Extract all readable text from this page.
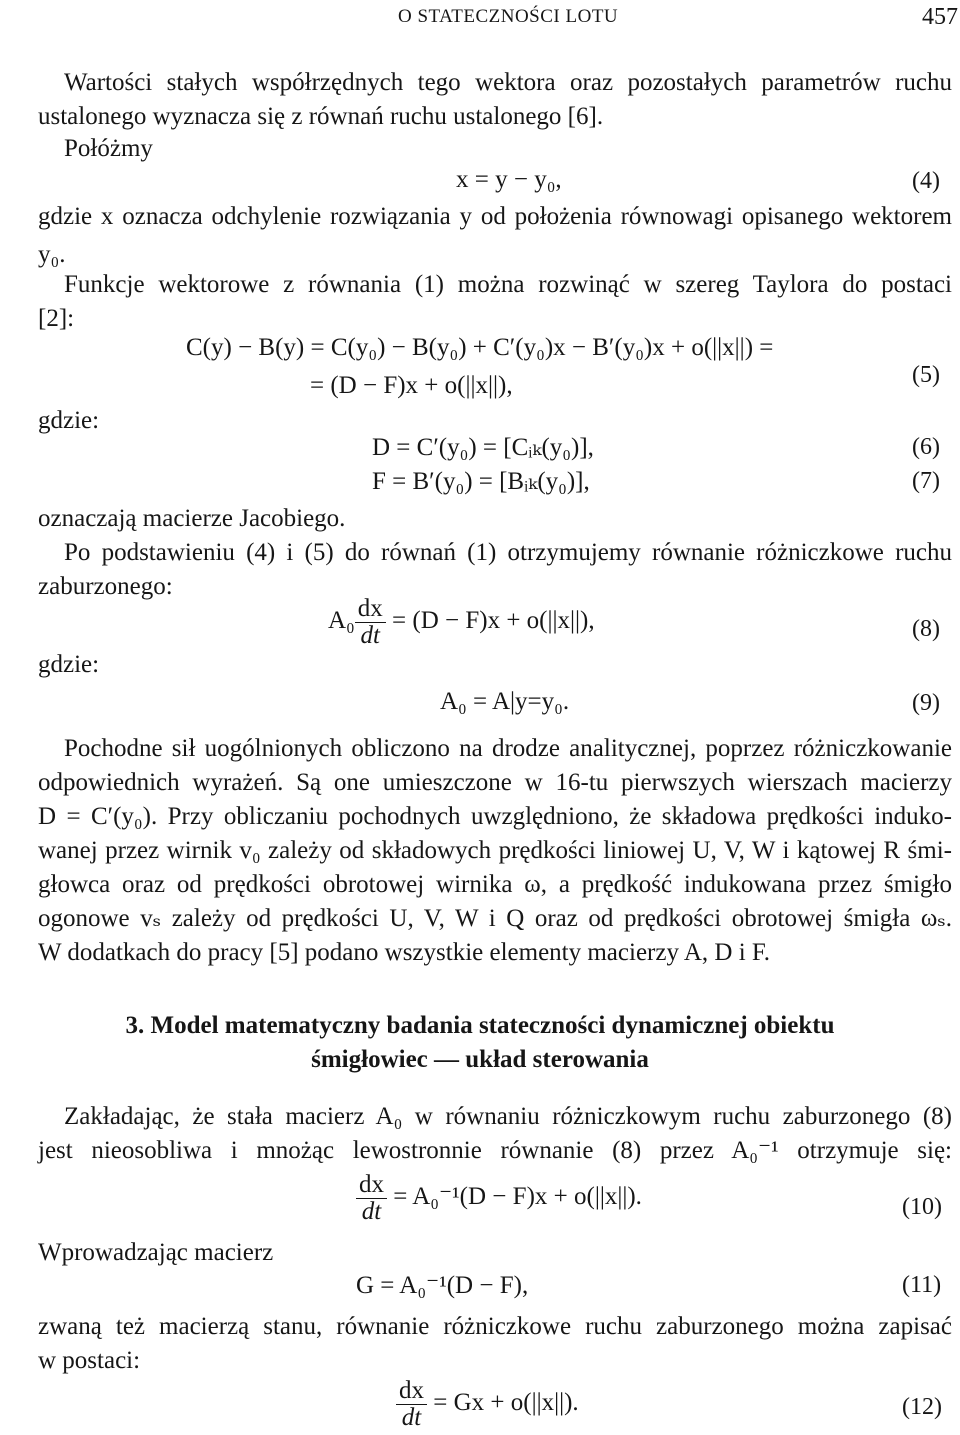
O STATECZNOŚCI LOTU	457
Wartości stałych współrzędnych tego wektora oraz pozostałych parametrów ruchu
ustalonego wyznacza się z równań ruchu ustalonego [6].
Połóżmy
x = y − y₀,	(4)
gdzie x oznacza odchylenie rozwiązania y od położenia równowagi opisanego wektorem
y₀.
Funkcje wektorowe z równania (1) można rozwinąć w szereg Taylora do postaci
[2]:
C(y) − B(y) = C(y₀) − B(y₀) + C′(y₀)x − B′(y₀)x + o(||x||) =
= (D − F)x + o(||x||),	(5)
gdzie:
D = C′(y₀) = [Cᵢₖ(y₀)],	(6)
F = B′(y₀) = [Bᵢₖ(y₀)],	(7)
oznaczają macierze Jacobiego.
Po podstawieniu (4) i (5) do równań (1) otrzymujemy równanie różniczkowe ruchu
zaburzonego:
$A_0 \frac{dx}{dt} = (D - F)x + o(||x||)$,	(8)
gdzie:
A₀ = A|y=y₀.	(9)
Pochodne sił uogólnionych obliczono na drodze analitycznej, poprzez różniczkowanie
odpowiednich wyrażeń. Są one umieszczone w 16-tu pierwszych wierszach macierzy
D = C′(y₀). Przy obliczaniu pochodnych uwzględniono, że składowa prędkości induko-
wanej przez wirnik v₀ zależy od składowych prędkości liniowej U, V, W i kątowej R śmi-
głowca oraz od prędkości obrotowej wirnika ω, a prędkość indukowana przez śmigło
ogonowe vₛ zależy od prędkości U, V, W i Q oraz od prędkości obrotowej śmigła ωₛ.
W dodatkach do pracy [5] podano wszystkie elementy macierzy A, D i F.
3. Model matematyczny badania stateczności dynamicznej obiektu
śmigłowiec — układ sterowania
Zakładając, że stała macierz A₀ w równaniu różniczkowym ruchu zaburzonego (8)
jest nieosobliwa i mnożąc lewostronnie równanie (8) przez A₀⁻¹ otrzymuje się:
$\frac{dx}{dt} = A_0^{-1}(D - F)x + o(||x||)$.	(10)
Wprowadzając macierz
G = A₀⁻¹(D − F),	(11)
zwaną też macierzą stanu, równanie różniczkowe ruchu zaburzonego można zapisać
w postaci:
$\frac{dx}{dt} = Gx + o(||x||)$.	(12)
